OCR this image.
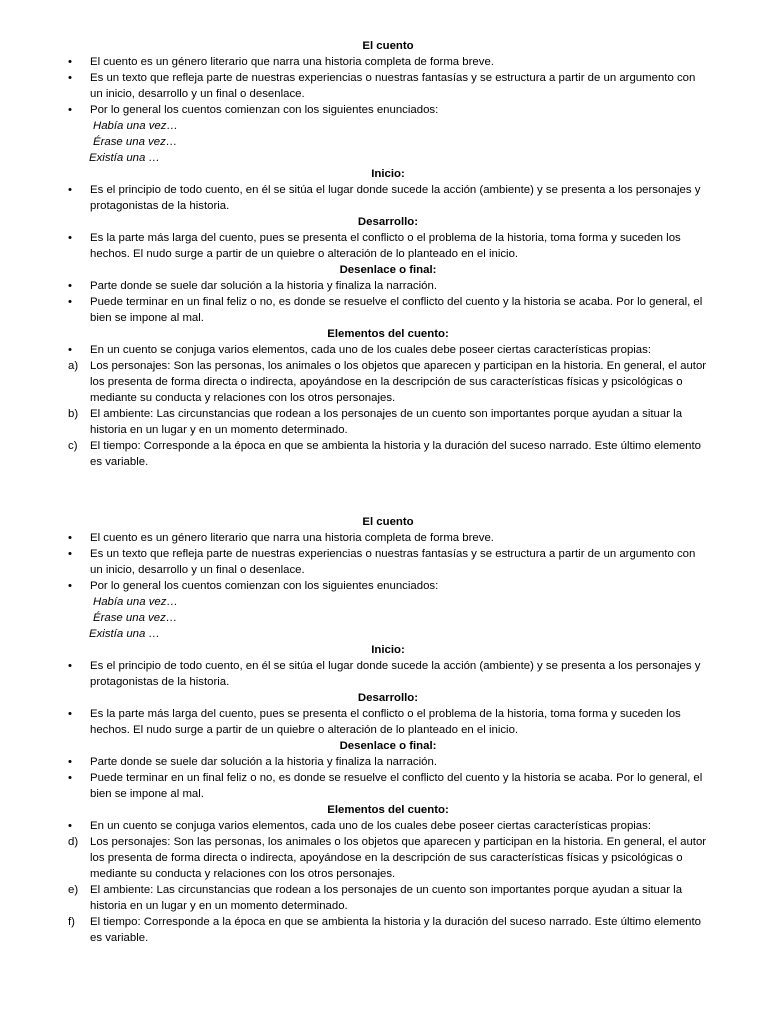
El cuento
•	El cuento es un género literario que narra una historia completa de forma breve.
•	Es un texto que refleja parte de nuestras experiencias o nuestras fantasías y se estructura a partir de un argumento con un inicio, desarrollo y un final o desenlace.
•	Por lo general los cuentos comienzan con los siguientes enunciados:
Había una vez…
Érase una vez…
Existía una …
Inicio:
•	Es el principio de todo cuento, en él se sitúa el lugar donde sucede la acción (ambiente) y se presenta a los personajes y protagonistas de la historia.
Desarrollo:
•	Es la parte más larga del cuento, pues se presenta el conflicto o el problema de la historia, toma forma y suceden los hechos. El nudo surge a partir de un quiebre o alteración de lo planteado en el inicio.
Desenlace o final:
•	Parte donde se suele dar solución a la historia y finaliza la narración.
•	Puede terminar en un final feliz o no, es donde se resuelve el conflicto del cuento y la historia se acaba. Por lo general, el bien se impone al mal.
Elementos del cuento:
•	En un cuento se conjuga varios elementos, cada uno de los cuales debe poseer ciertas características propias:
a)	Los personajes: Son las personas, los animales o los objetos que aparecen y participan en la historia. En general, el autor los presenta de forma directa o indirecta, apoyándose en la descripción de sus características físicas y psicológicas o mediante su conducta y relaciones con los otros personajes.
b)	El ambiente: Las circunstancias que rodean a los personajes de un cuento son importantes porque ayudan a situar la historia en un lugar y en un momento determinado.
c)	El tiempo: Corresponde a la época en que se ambienta la historia y la duración del suceso narrado. Este último elemento es variable.
El cuento
•	El cuento es un género literario que narra una historia completa de forma breve.
•	Es un texto que refleja parte de nuestras experiencias o nuestras fantasías y se estructura a partir de un argumento con un inicio, desarrollo y un final o desenlace.
•	Por lo general los cuentos comienzan con los siguientes enunciados:
Había una vez…
Érase una vez…
Existía una …
Inicio:
•	Es el principio de todo cuento, en él se sitúa el lugar donde sucede la acción (ambiente) y se presenta a los personajes y protagonistas de la historia.
Desarrollo:
•	Es la parte más larga del cuento, pues se presenta el conflicto o el problema de la historia, toma forma y suceden los hechos. El nudo surge a partir de un quiebre o alteración de lo planteado en el inicio.
Desenlace o final:
•	Parte donde se suele dar solución a la historia y finaliza la narración.
•	Puede terminar en un final feliz o no, es donde se resuelve el conflicto del cuento y la historia se acaba. Por lo general, el bien se impone al mal.
Elementos del cuento:
•	En un cuento se conjuga varios elementos, cada uno de los cuales debe poseer ciertas características propias:
d)	Los personajes: Son las personas, los animales o los objetos que aparecen y participan en la historia. En general, el autor los presenta de forma directa o indirecta, apoyándose en la descripción de sus características físicas y psicológicas o mediante su conducta y relaciones con los otros personajes.
e)	El ambiente: Las circunstancias que rodean a los personajes de un cuento son importantes porque ayudan a situar la historia en un lugar y en un momento determinado.
f)	El tiempo: Corresponde a la época en que se ambienta la historia y la duración del suceso narrado. Este último elemento es variable.
